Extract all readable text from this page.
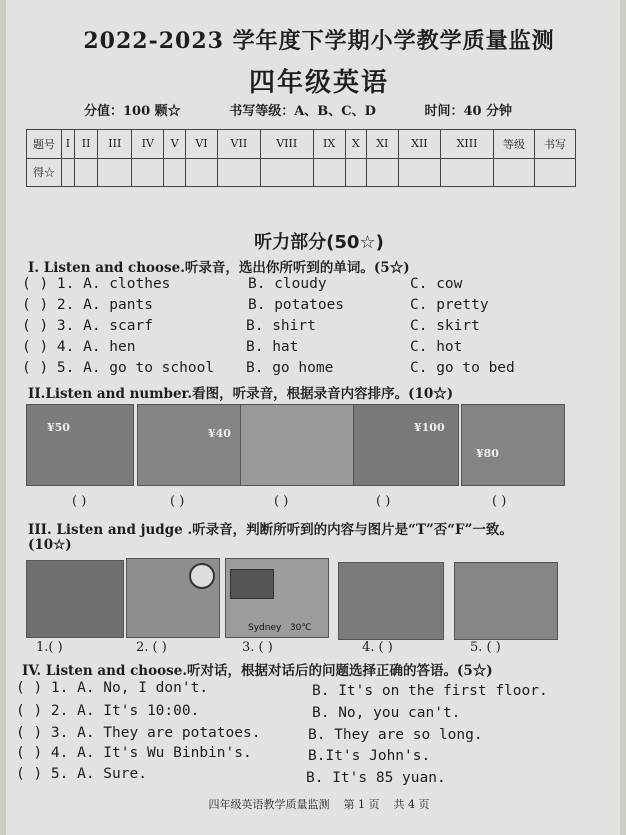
2022-2023 学年度下学期小学教学质量监测
四年级英语
分值：100 颗☆	书写等级：A、B、C、D	时间：40 分钟
题号	I	II	III	IV	V	VI	VII	VIII	IX	X	XI	XII	XIII	等级	书写
得☆															
听力部分(50☆)
I. Listen and choose.听录音，选出你所听到的单词。(5☆)
( ) 1. A. clothes	B. cloudy	C. cow
( ) 2. A. pants	B. potatoes	C. pretty
( ) 3. A. scarf	B. shirt	C. skirt
( ) 4. A. hen	B. hat	C. hot
( ) 5. A. go to school B. go home	C. go to bed
II.Listen and number.看图，听录音，根据录音内容排序。(10☆)
¥50	¥40	¥100
¥80
( )	( )	( )	( )	( )
III. Listen and judge .听录音，判断所听到的内容与图片是“T”否“F”一致。
(10☆)
Sydney   30℃
1.( )	2. ( )	3. ( )	4. ( )	5. ( )
IV. Listen and choose.听对话，根据对话后的问题选择正确的答语。(5☆)
( ) 1. A. No, I don't.	B. It's on the first floor.
( ) 2. A. It's 10:00.	B. No, you can't.
( ) 3. A. They are potatoes.	B. They are so long.
( ) 4. A. It's Wu Binbin's.	B.It's John's.
( ) 5. A. Sure.	B. It's 85 yuan.
四年级英语教学质量监测    第 1 页    共 4 页
